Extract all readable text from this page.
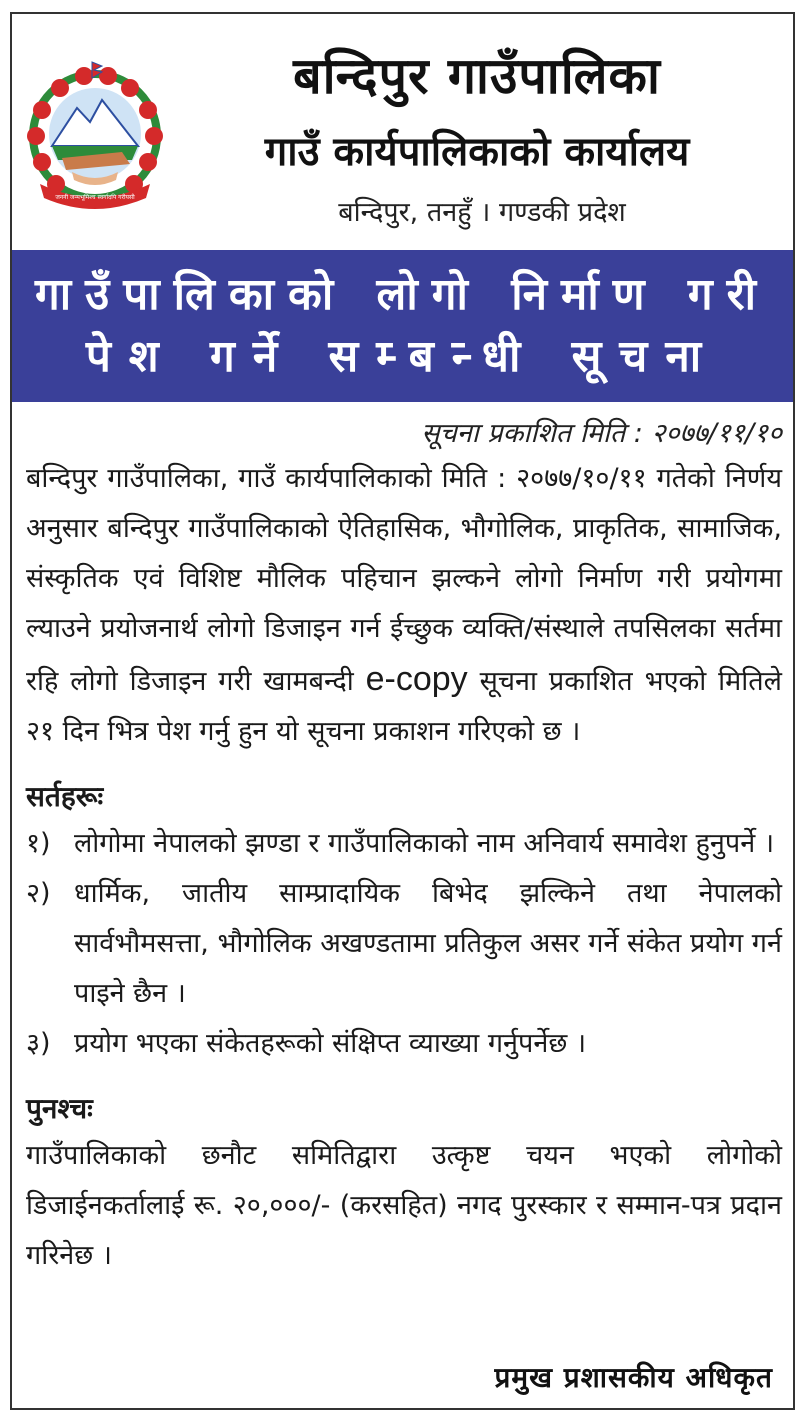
जननी जन्मभूमिश्च स्वर्गादपि गरीयसी
बन्दिपुर गाउँपालिका
गाउँ कार्यपालिकाको कार्यालय
बन्दिपुर, तनहुँ । गण्डकी प्रदेश
गाउँपालिकाको लोगो निर्माण गरी
पेश गर्ने सम्बन्धी सूचना
सूचना प्रकाशित मिति : २०७७/११/१०

बन्दिपुर गाउँपालिका, गाउँ कार्यपालिकाको मिति : २०७७/१०/११ गतेको निर्णय अनुसार बन्दिपुर गाउँपालिकाको ऐतिहासिक, भौगोलिक, प्राकृतिक, सामाजिक, संस्कृतिक एवं विशिष्ट मौलिक पहिचान झल्कने लोगो निर्माण गरी प्रयोगमा ल्याउने प्रयोजनार्थ लोगो डिजाइन गर्न ईच्छुक व्यक्ति/संस्थाले तपसिलका सर्तमा रहि लोगो डिजाइन गरी खामबन्दी e-copy सूचना प्रकाशित भएको मितिले २१ दिन भित्र पेश गर्नु हुन यो सूचना प्रकाशन गरिएको छ ।

सर्तहरूः
१) लोगोमा नेपालको झण्डा र गाउँपालिकाको नाम अनिवार्य समावेश हुनुपर्ने ।
२) धार्मिक, जातीय साम्प्रादायिक बिभेद झल्किने तथा नेपालको सार्वभौमसत्ता, भौगोलिक अखण्डतामा प्रतिकुल असर गर्ने संकेत प्रयोग गर्न पाइने छैन ।
३) प्रयोग भएका संकेतहरूको संक्षिप्त व्याख्या गर्नुपर्नेछ ।
पुनश्चः

गाउँपालिकाको छनौट समितिद्वारा उत्कृष्ट चयन भएको लोगोको डिजाईनकर्तालाई रू. २०,०००/- (करसहित) नगद पुरस्कार र सम्मान-पत्र प्रदान गरिनेछ ।

प्रमुख प्रशासकीय अधिकृत
